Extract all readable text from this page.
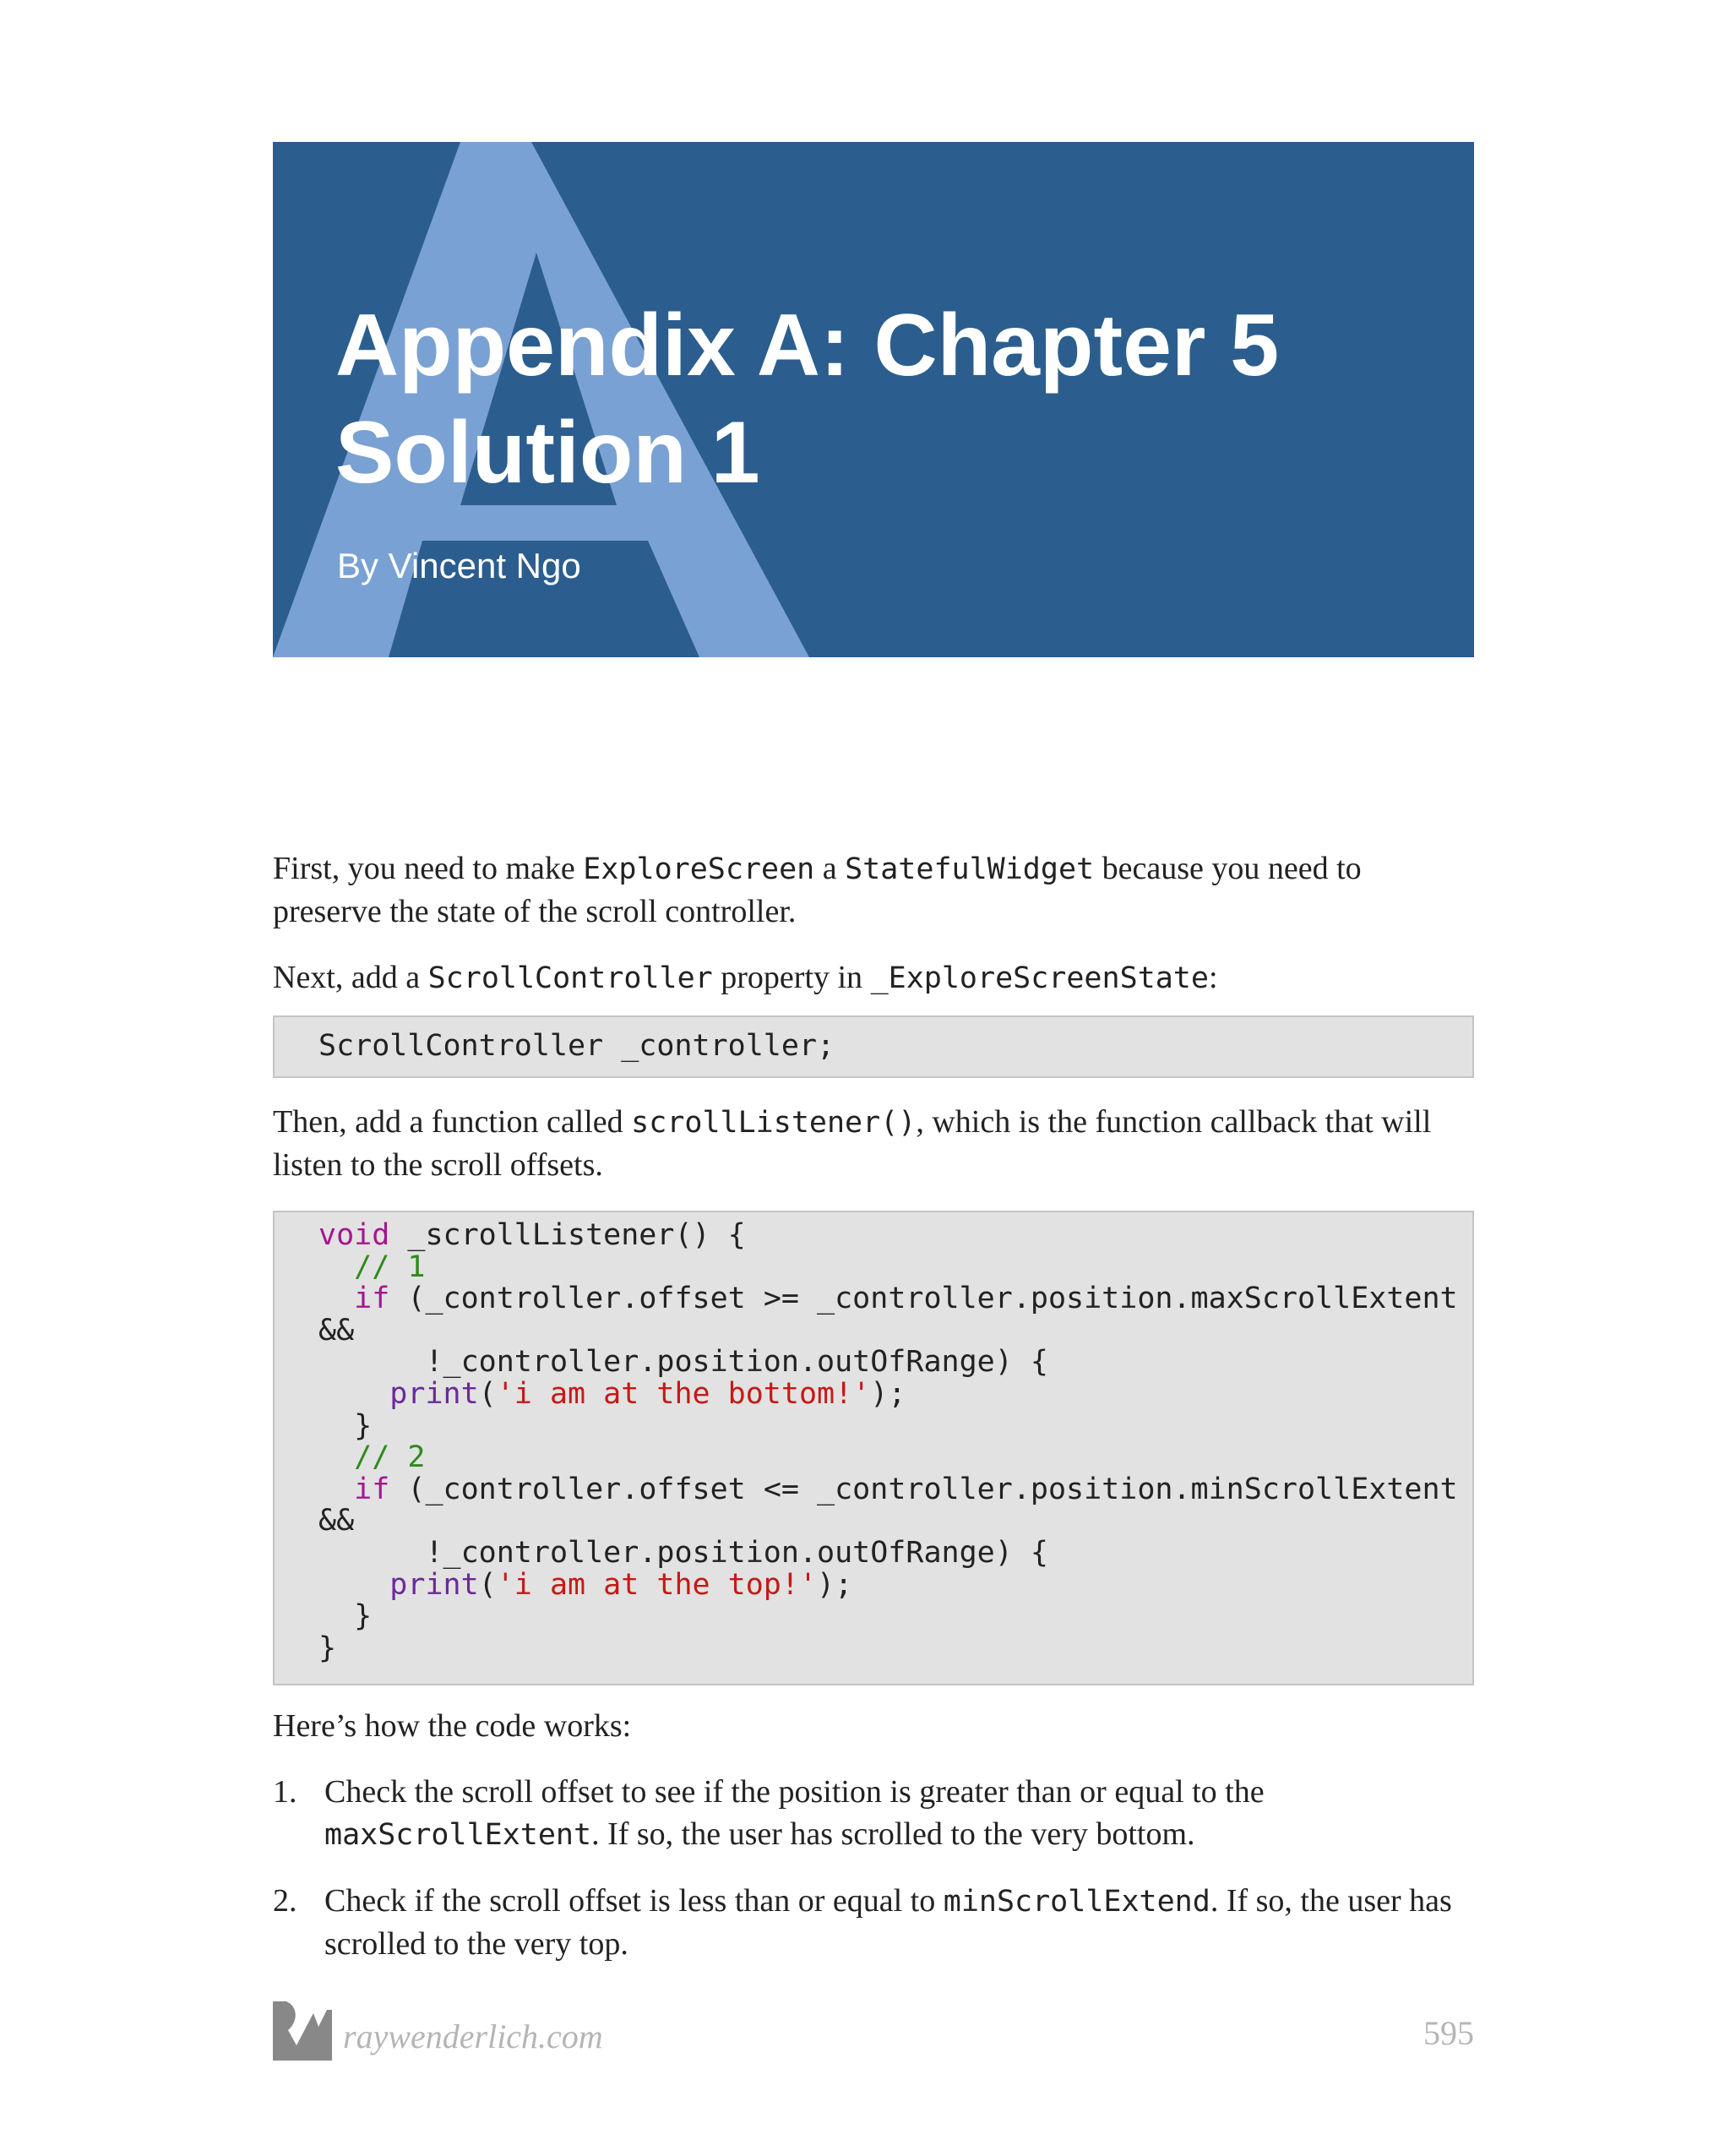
Appendix A: Chapter 5
Solution 1
By Vincent Ngo

First, you need to make ExploreScreen a StatefulWidget because you need to preserve the state of the scroll controller.

Next, add a ScrollController property in _ExploreScreenState:

ScrollController _controller;

Then, add a function called scrollListener(), which is the function callback that will listen to the scroll offsets.

void _scrollListener() {
// 1
if (_controller.offset >= _controller.position.maxScrollExtent
&&
!_controller.position.outOfRange) {
print('i am at the bottom!');
}
// 2
if (_controller.offset <= _controller.position.minScrollExtent
&&
!_controller.position.outOfRange) {
print('i am at the top!');
}
}

Here’s how the code works:

1. Check the scroll offset to see if the position is greater than or equal to the maxScrollExtent. If so, the user has scrolled to the very bottom.
2. Check if the scroll offset is less than or equal to minScrollExtend. If so, the user has scrolled to the very top.
raywenderlich.com	595
